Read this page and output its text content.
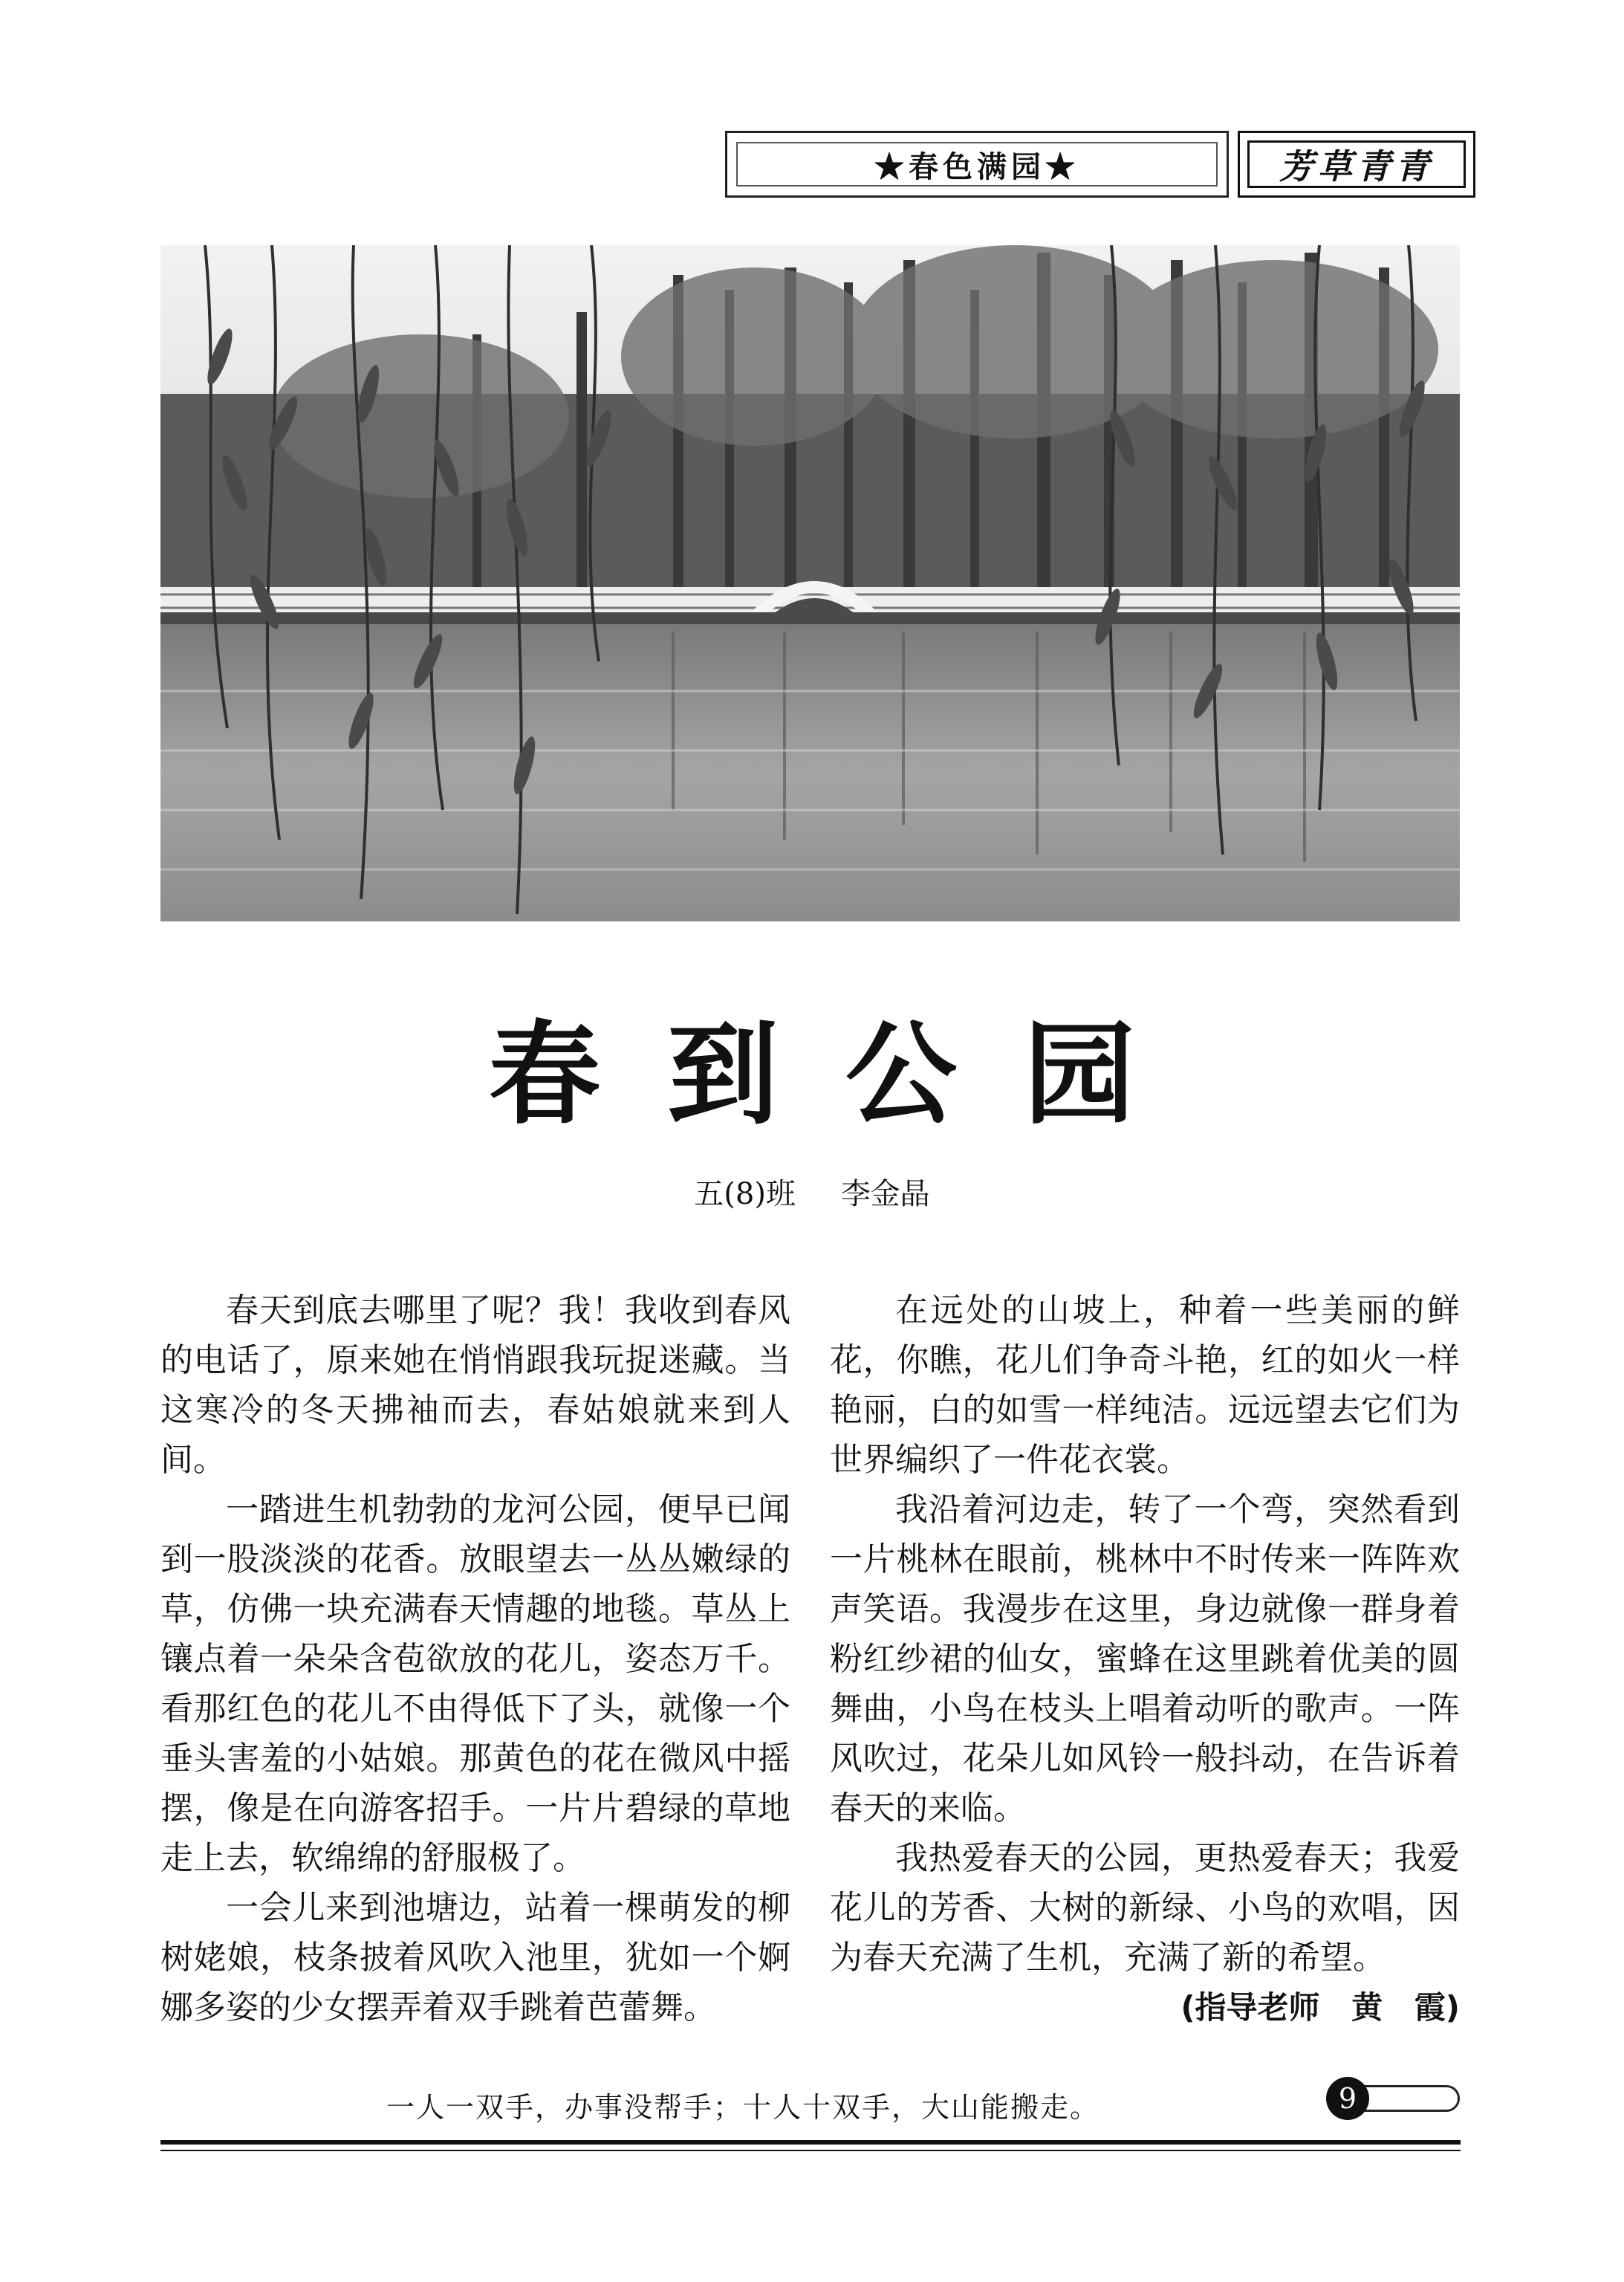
★春色满园★	芳草青青
春到公园
五(8)班 李金晶

春天到底去哪里了呢？我！我收到春风的电话了，原来她在悄悄跟我玩捉迷藏。当这寒冷的冬天拂袖而去，春姑娘就来到人间。

一踏进生机勃勃的龙河公园，便早已闻到一股淡淡的花香。放眼望去一丛丛嫩绿的草，仿佛一块充满春天情趣的地毯。草丛上镶点着一朵朵含苞欲放的花儿，姿态万千。看那红色的花儿不由得低下了头，就像一个垂头害羞的小姑娘。那黄色的花在微风中摇摆，像是在向游客招手。一片片碧绿的草地走上去，软绵绵的舒服极了。

一会儿来到池塘边，站着一棵萌发的柳树姥娘，枝条披着风吹入池里，犹如一个婀娜多姿的少女摆弄着双手跳着芭蕾舞。

在远处的山坡上，种着一些美丽的鲜花，你瞧，花儿们争奇斗艳，红的如火一样艳丽，白的如雪一样纯洁。远远望去它们为世界编织了一件花衣裳。

我沿着河边走，转了一个弯，突然看到一片桃林在眼前，桃林中不时传来一阵阵欢声笑语。我漫步在这里，身边就像一群身着粉红纱裙的仙女，蜜蜂在这里跳着优美的圆舞曲，小鸟在枝头上唱着动听的歌声。一阵风吹过，花朵儿如风铃一般抖动，在告诉着春天的来临。

我热爱春天的公园，更热爱春天；我爱花儿的芳香、大树的新绿、小鸟的欢唱，因为春天充满了生机，充满了新的希望。

(指导老师 黄 霞)
一人一双手，办事没帮手；十人十双手，大山能搬走。	9
